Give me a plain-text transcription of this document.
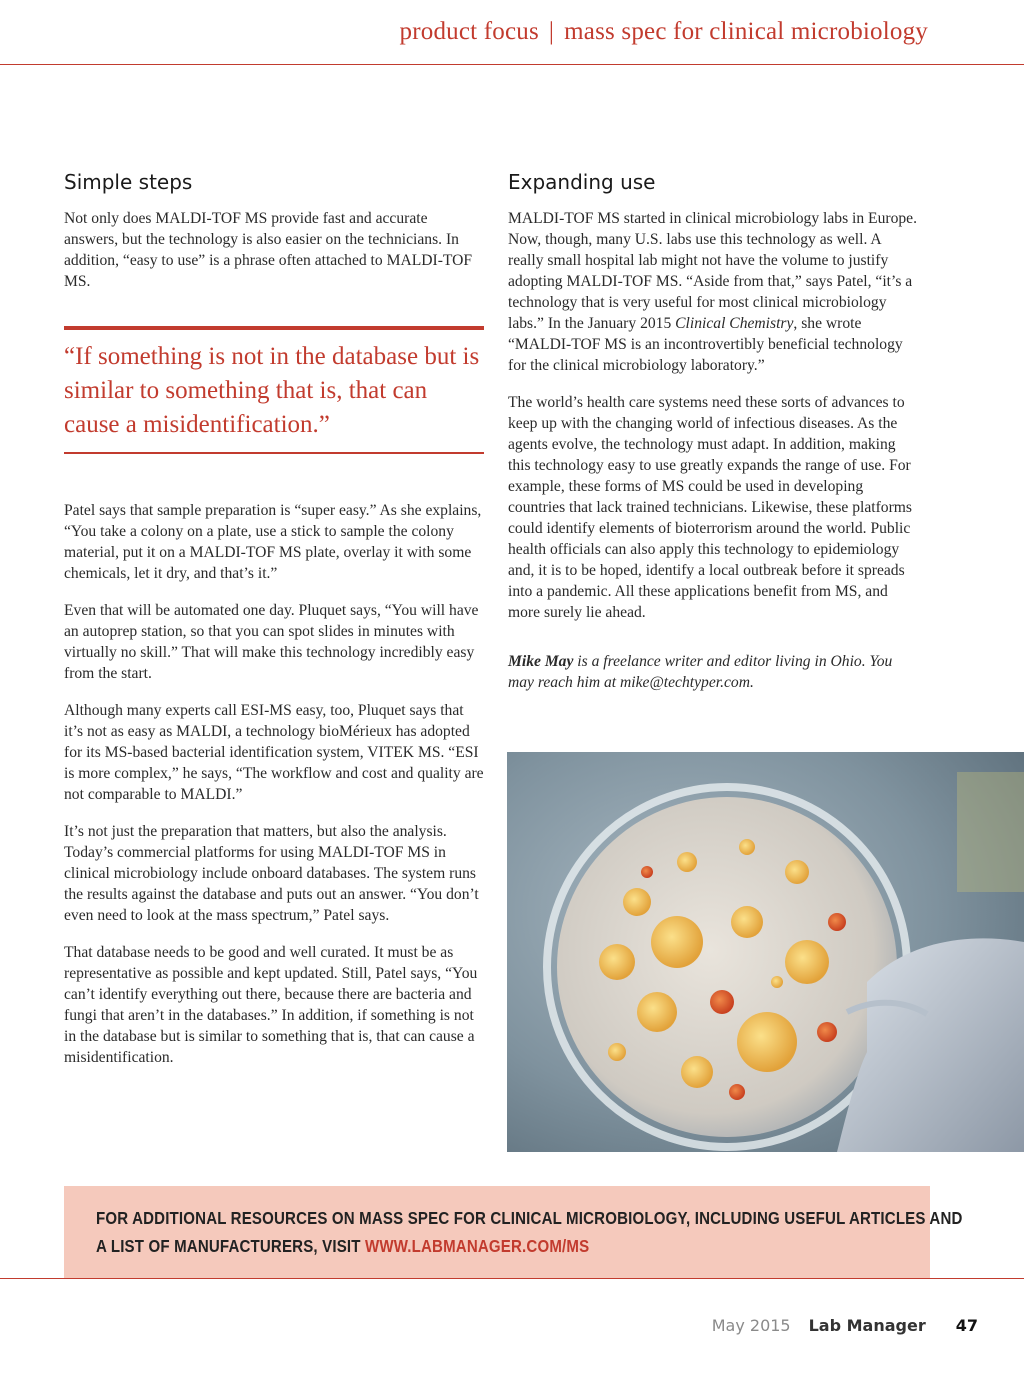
product focus | mass spec for clinical microbiology
Simple steps

Not only does MALDI-TOF MS provide fast and accurate answers, but the technology is also easier on the technicians. In addition, “easy to use” is a phrase often attached to MALDI-TOF MS.

“If something is not in the database but is similar to something that is, that can cause a misidentification.”

Patel says that sample preparation is “super easy.” As she explains, “You take a colony on a plate, use a stick to sample the colony material, put it on a MALDI-TOF MS plate, overlay it with some chemicals, let it dry, and that’s it.”

Even that will be automated one day. Pluquet says, “You will have an autoprep station, so that you can spot slides in minutes with virtually no skill.” That will make this technology incredibly easy from the start.

Although many experts call ESI-MS easy, too, Pluquet says that it’s not as easy as MALDI, a technology bioMérieux has adopted for its MS-based bacterial identification system, VITEK MS. “ESI is more complex,” he says, “The workflow and cost and quality are not comparable to MALDI.”

It’s not just the preparation that matters, but also the analysis. Today’s commercial platforms for using MALDI-TOF MS in clinical microbiology include onboard databases. The system runs the results against the database and puts out an answer. “You don’t even need to look at the mass spectrum,” Patel says.

That database needs to be good and well curated. It must be as representative as possible and kept updated. Still, Patel says, “You can’t identify everything out there, because there are bacteria and fungi that aren’t in the databases.” In addition, if something is not in the database but is similar to something that is, that can cause a misidentification.

Expanding use

MALDI-TOF MS started in clinical microbiology labs in Europe. Now, though, many U.S. labs use this technology as well. A really small hospital lab might not have the volume to justify adopting MALDI-TOF MS. “Aside from that,” says Patel, “it’s a technology that is very useful for most clinical microbiology labs.” In the January 2015 Clinical Chemistry, she wrote “MALDI-TOF MS is an incontrovertibly beneficial technology for the clinical microbiology laboratory.”

The world’s health care systems need these sorts of advances to keep up with the changing world of infectious diseases. As the agents evolve, the technology must adapt. In addition, making this technology easy to use greatly expands the range of use. For example, these forms of MS could be used in developing countries that lack trained technicians. Likewise, these platforms could identify elements of bioterrorism around the world. Public health officials can also apply this technology to epidemiology and, it is to be hoped, identify a local outbreak before it spreads into a pandemic. All these applications benefit from MS, and more surely lie ahead.

Mike May is a freelance writer and editor living in Ohio. You may reach him at mike@techtyper.com.
FOR ADDITIONAL RESOURCES ON MASS SPEC FOR CLINICAL MICROBIOLOGY, INCLUDING USEFUL ARTICLES AND
A LIST OF MANUFACTURERS, VISIT WWW.LABMANAGER.COM/MS
May 2015 Lab Manager 47
